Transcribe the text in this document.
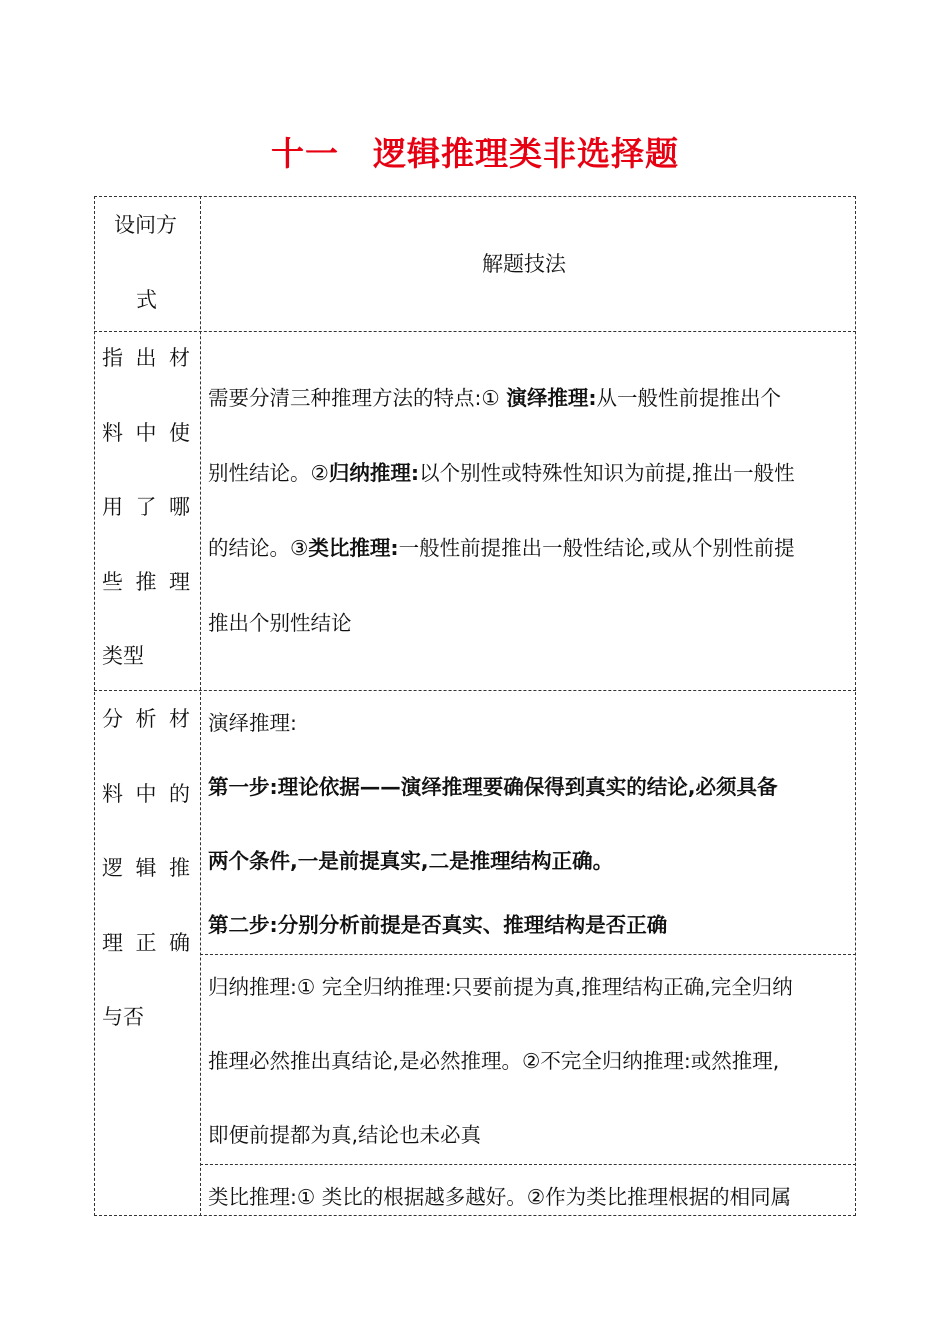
十一　逻辑推理类非选择题
设问方
式
解题技法
指 出 材
料 中 使
用 了 哪
些 推 理
类型
需要分清三种推理方法的特点:① 演绎推理:从一般性前提推出个
别性结论。②归纳推理:以个别性或特殊性知识为前提,推出一般性
的结论。③类比推理:一般性前提推出一般性结论,或从个别性前提
推出个别性结论
分 析 材
料 中 的
逻 辑 推
理 正 确
与否
演绎推理:
第一步:理论依据——演绎推理要确保得到真实的结论,必须具备
两个条件,一是前提真实,二是推理结构正确。
第二步:分别分析前提是否真实、推理结构是否正确
归纳推理:① 完全归纳推理:只要前提为真,推理结构正确,完全归纳
推理必然推出真结论,是必然推理。②不完全归纳推理:或然推理,
即便前提都为真,结论也未必真
类比推理:① 类比的根据越多越好。②作为类比推理根据的相同属
